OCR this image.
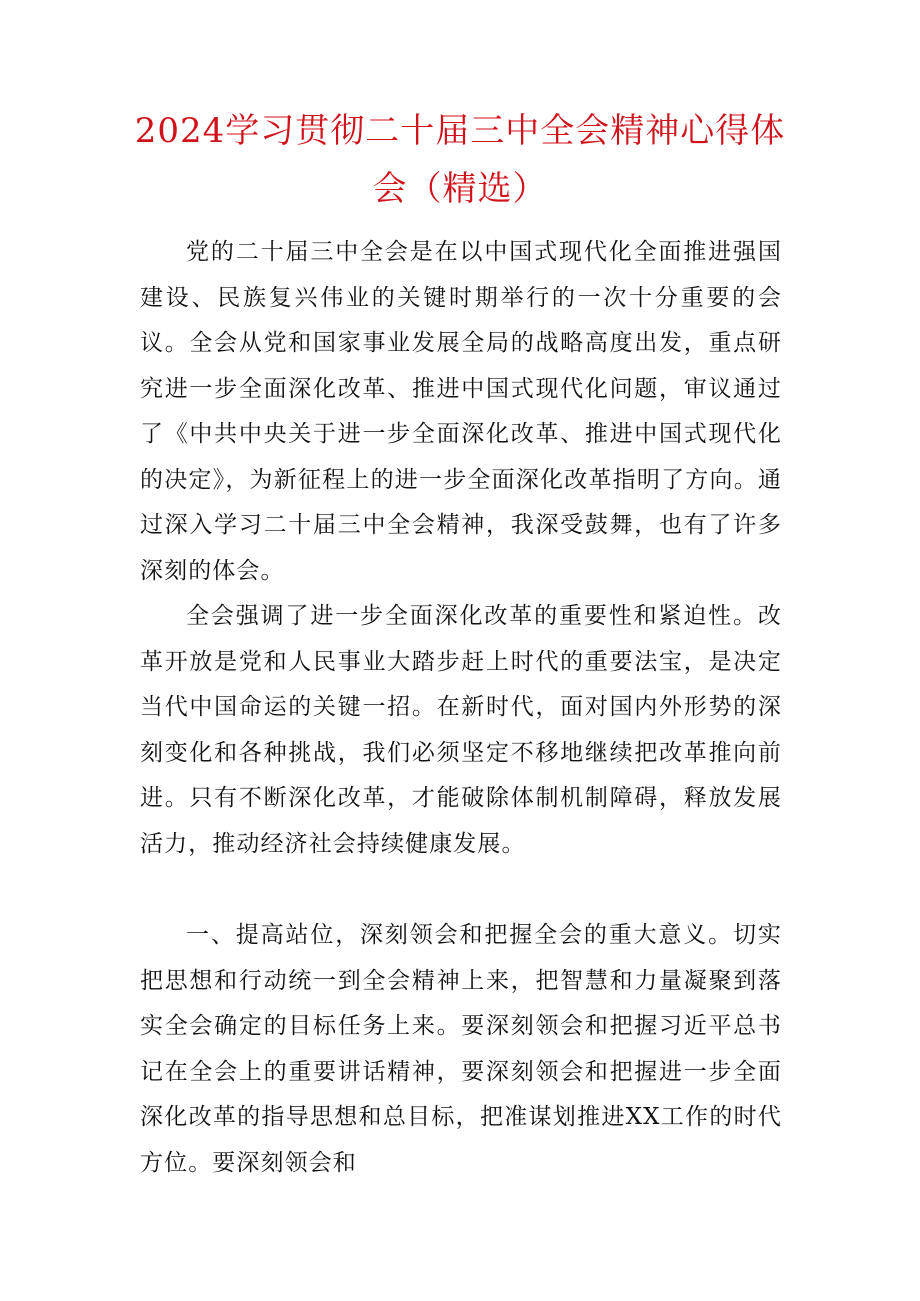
2024学习贯彻二十届三中全会精神心得体会（精选）

党的二十届三中全会是在以中国式现代化全面推进强国建设、民族复兴伟业的关键时期举行的一次十分重要的会议。全会从党和国家事业发展全局的战略高度出发，重点研究进一步全面深化改革、推进中国式现代化问题，审议通过了《中共中央关于进一步全面深化改革、推进中国式现代化的决定》，为新征程上的进一步全面深化改革指明了方向。通过深入学习二十届三中全会精神，我深受鼓舞，也有了许多深刻的体会。

全会强调了进一步全面深化改革的重要性和紧迫性。改革开放是党和人民事业大踏步赶上时代的重要法宝，是决定当代中国命运的关键一招。在新时代，面对国内外形势的深刻变化和各种挑战，我们必须坚定不移地继续把改革推向前进。只有不断深化改革，才能破除体制机制障碍，释放发展活力，推动经济社会持续健康发展。

一、提高站位，深刻领会和把握全会的重大意义。切实把思想和行动统一到全会精神上来，把智慧和力量凝聚到落实全会确定的目标任务上来。要深刻领会和把握习近平总书记在全会上的重要讲话精神，要深刻领会和把握进一步全面深化改革的指导思想和总目标，把准谋划推进XX工作的时代方位。要深刻领会和
